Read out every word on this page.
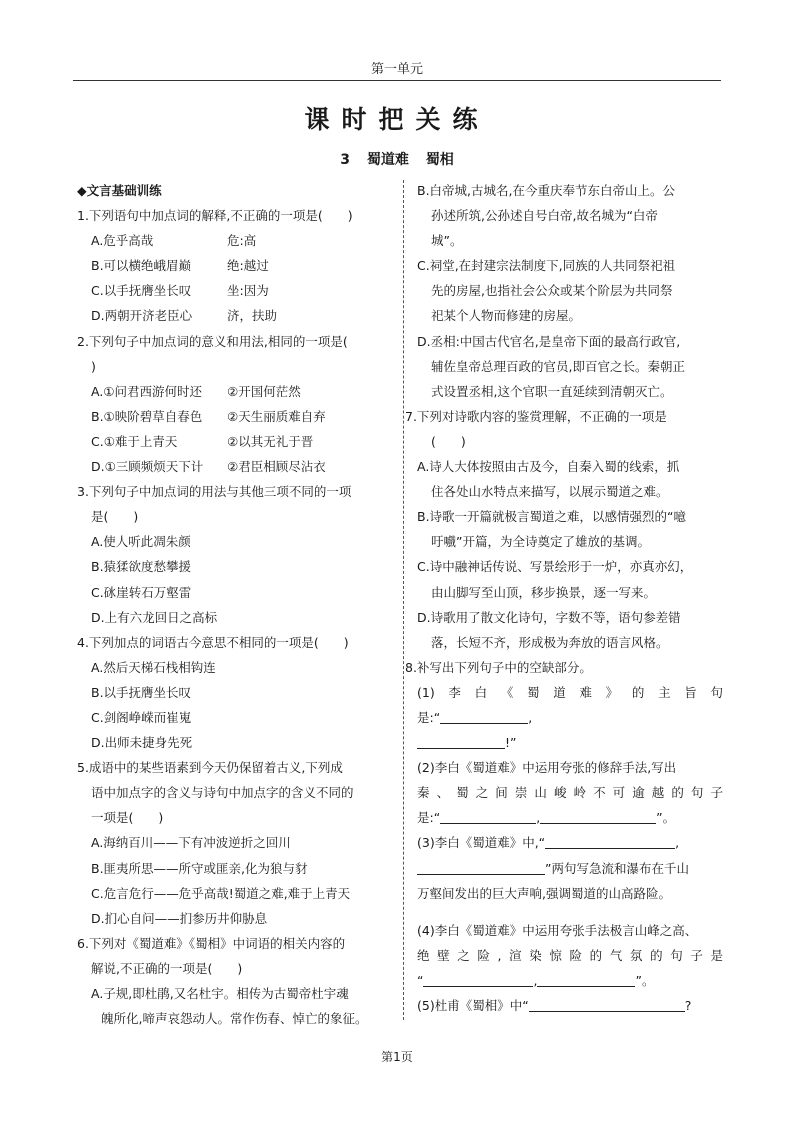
第一单元
课时把关练
3 蜀道难 蜀相
◆文言基础训练
1.下列语句中加点词的解释,不正确的一项是(　　)
A.危乎高哉	危:高
B.可以横绝峨眉巅	绝:越过
C.以手抚膺坐长叹	坐:因为
D.两朝开济老臣心	济，扶助
2.下列句子中加点词的意义和用法,相同的一项是(
)
A.①问君西游何时还 ②开国何茫然
B.①映阶碧草自春色 ②天生丽质难自弃
C.①难于上青天	②以其无礼于晋
D.①三顾频烦天下计 ②君臣相顾尽沾衣
3.下列句子中加点词的用法与其他三项不同的一项
是(　　)
A.使人听此凋朱颜
B.猿猱欲度愁攀援
C.砯崖转石万壑雷
D.上有六龙回日之高标
4.下列加点的词语古今意思不相同的一项是(　　)
A.然后天梯石栈相钩连
B.以手抚膺坐长叹
C.剑阁峥嵘而崔嵬
D.出师未捷身先死
5.成语中的某些语素到今天仍保留着古义,下列成
语中加点字的含义与诗句中加点字的含义不同的
一项是(　　)
A.海纳百川——下有冲波逆折之回川
B.匪夷所思——所守或匪亲,化为狼与豺
C.危言危行——危乎高哉!蜀道之难,难于上青天
D.扪心自问——扪参历井仰胁息
6.下列对《蜀道难》《蜀相》中词语的相关内容的
解说,不正确的一项是(　　)
A.子规,即杜鹃,又名杜宇。相传为古蜀帝杜宇魂
魄所化,啼声哀怨动人。常作伤春、悼亡的象征。
B.白帝城,古城名,在今重庆奉节东白帝山上。公
孙述所筑,公孙述自号白帝,故名城为“白帝
城”。
C.祠堂,在封建宗法制度下,同族的人共同祭祀祖
先的房屋,也指社会公众或某个阶层为共同祭
祀某个人物而修建的房屋。
D.丞相:中国古代官名,是皇帝下面的最高行政官,
辅佐皇帝总理百政的官员,即百官之长。秦朝正
式设置丞相,这个官职一直延续到清朝灭亡。
7.下列对诗歌内容的鉴赏理解，不正确的一项是
(　　)
A.诗人大体按照由古及今，自秦入蜀的线索，抓
住各处山水特点来描写，以展示蜀道之难。
B.诗歌一开篇就极言蜀道之难，以感情强烈的“噫
吁嚱”开篇，为全诗奠定了雄放的基调。
C.诗中融神话传说、写景绘形于一炉，亦真亦幻，
由山脚写至山顶，移步换景，逐一写来。
D.诗歌用了散文化诗句，字数不等，语句参差错
落，长短不齐，形成极为奔放的语言风格。
8.补写出下列句子中的空缺部分。
(1)李白《蜀道难》的主旨句
是:“	,
!”
(2)李白《蜀道难》中运用夸张的修辞手法,写出
秦、蜀之间崇山峻岭不可逾越的句子
是:“	,	”。
(3)李白《蜀道难》中,“	,
”两句写急流和瀑布在千山
万壑间发出的巨大声响,强调蜀道的山高路险。
(4)李白《蜀道难》中运用夸张手法极言山峰之高、
绝壁之险,渲染惊险的气氛的句子是
“	,	”。
(5)杜甫《蜀相》中“	?
第1页
